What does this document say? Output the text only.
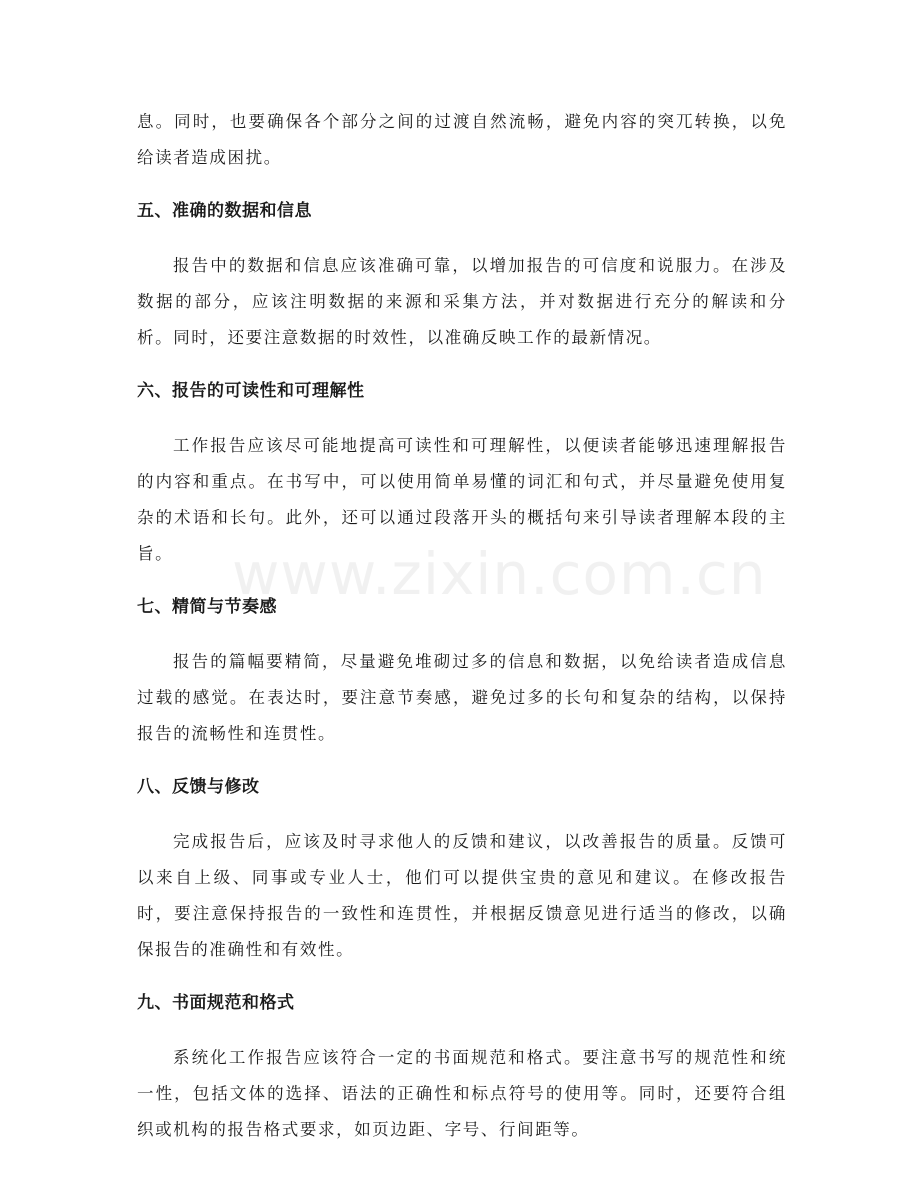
息。同时，也要确保各个部分之间的过渡自然流畅，避免内容的突兀转换，以免给读者造成困扰。

五、准确的数据和信息

报告中的数据和信息应该准确可靠，以增加报告的可信度和说服力。在涉及数据的部分，应该注明数据的来源和采集方法，并对数据进行充分的解读和分析。同时，还要注意数据的时效性，以准确反映工作的最新情况。

六、报告的可读性和可理解性

工作报告应该尽可能地提高可读性和可理解性，以便读者能够迅速理解报告的内容和重点。在书写中，可以使用简单易懂的词汇和句式，并尽量避免使用复杂的术语和长句。此外，还可以通过段落开头的概括句来引导读者理解本段的主旨。

七、精简与节奏感

报告的篇幅要精简，尽量避免堆砌过多的信息和数据，以免给读者造成信息过载的感觉。在表达时，要注意节奏感，避免过多的长句和复杂的结构，以保持报告的流畅性和连贯性。

八、反馈与修改

完成报告后，应该及时寻求他人的反馈和建议，以改善报告的质量。反馈可以来自上级、同事或专业人士，他们可以提供宝贵的意见和建议。在修改报告时，要注意保持报告的一致性和连贯性，并根据反馈意见进行适当的修改，以确保报告的准确性和有效性。

九、书面规范和格式

系统化工作报告应该符合一定的书面规范和格式。要注意书写的规范性和统一性，包括文体的选择、语法的正确性和标点符号的使用等。同时，还要符合组织或机构的报告格式要求，如页边距、字号、行间距等。

www.zixin.com.cn
